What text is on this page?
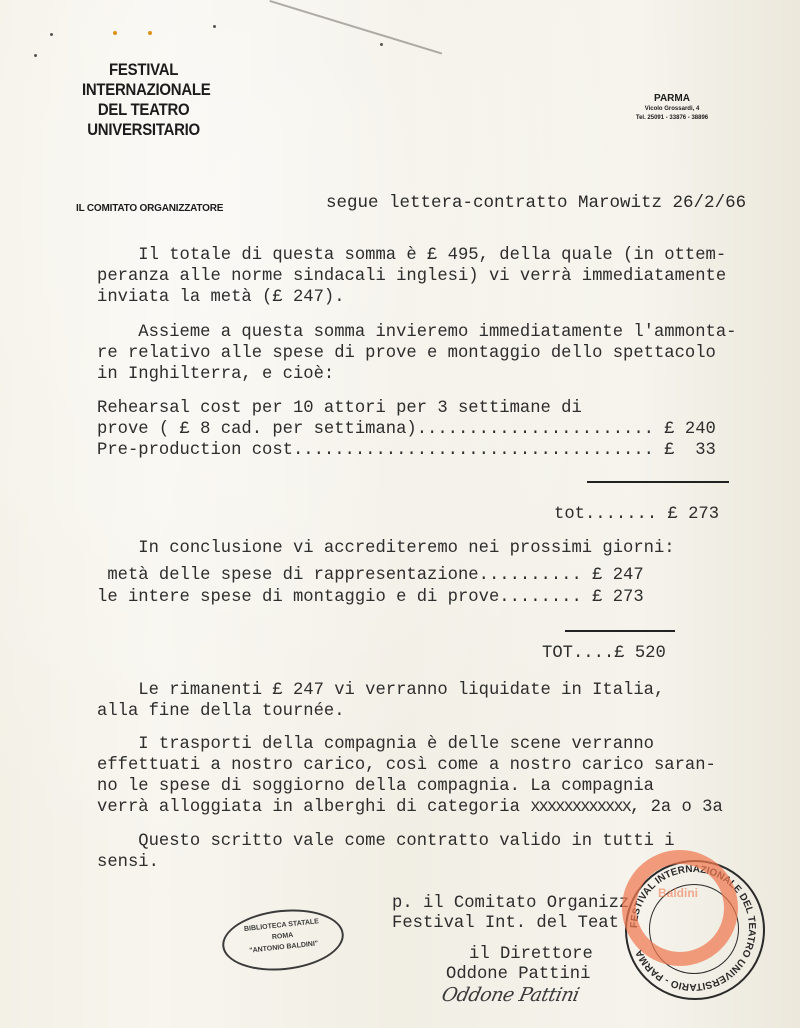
FESTIVAL
INTERNAZIONALE
DEL TEATRO
UNIVERSITARIO
PARMA
Vicolo Grossardi, 4
Tel. 25091 - 33876 - 38896
IL COMITATO ORGANIZZATORE	segue lettera-contratto Marowitz 26/2/66
Il totale di questa somma è £ 495, della quale (in ottem-
peranza alle norme sindacali inglesi) vi verrà immediatamente
inviata la metà (£ 247).
Assieme a questa somma invieremo immediatamente l'ammonta-
re relativo alle spese di prove e montaggio dello spettacolo
in Inghilterra, e cioè:
Rehearsal cost per 10 attori per 3 settimane di
prove ( £ 8 cad. per settimana)....................... £ 240
Pre-production cost................................... £  33
tot....... £ 273
In conclusione vi accrediteremo nei prossimi giorni:
metà delle spese di rappresentazione.......... £ 247
le intere spese di montaggio e di prove........ £ 273
TOT....£ 520
Le rimanenti £ 247 vi verranno liquidate in Italia,
alla fine della tournée.
I trasporti della compagnia è delle scene verranno
effettuati a nostro carico, così come a nostro carico saran-
no le spese di soggiorno della compagnia. La compagnia
verrà alloggiata in alberghi di categoria xxxxxxxxxxxx, 2a o 3a
Questo scritto vale come contratto valido in tutti i
sensi.
p. il Comitato Organizz
Festival Int. del Teat
il Direttore
Oddone Pattini
Oddone Pattini
BIBLIOTECA STATALE
ROMA
"ANTONIO BALDINI"
FESTIVAL INTERNAZIONALE DEL TEATRO UNIVERSITARIO - PARMA
Baldini
